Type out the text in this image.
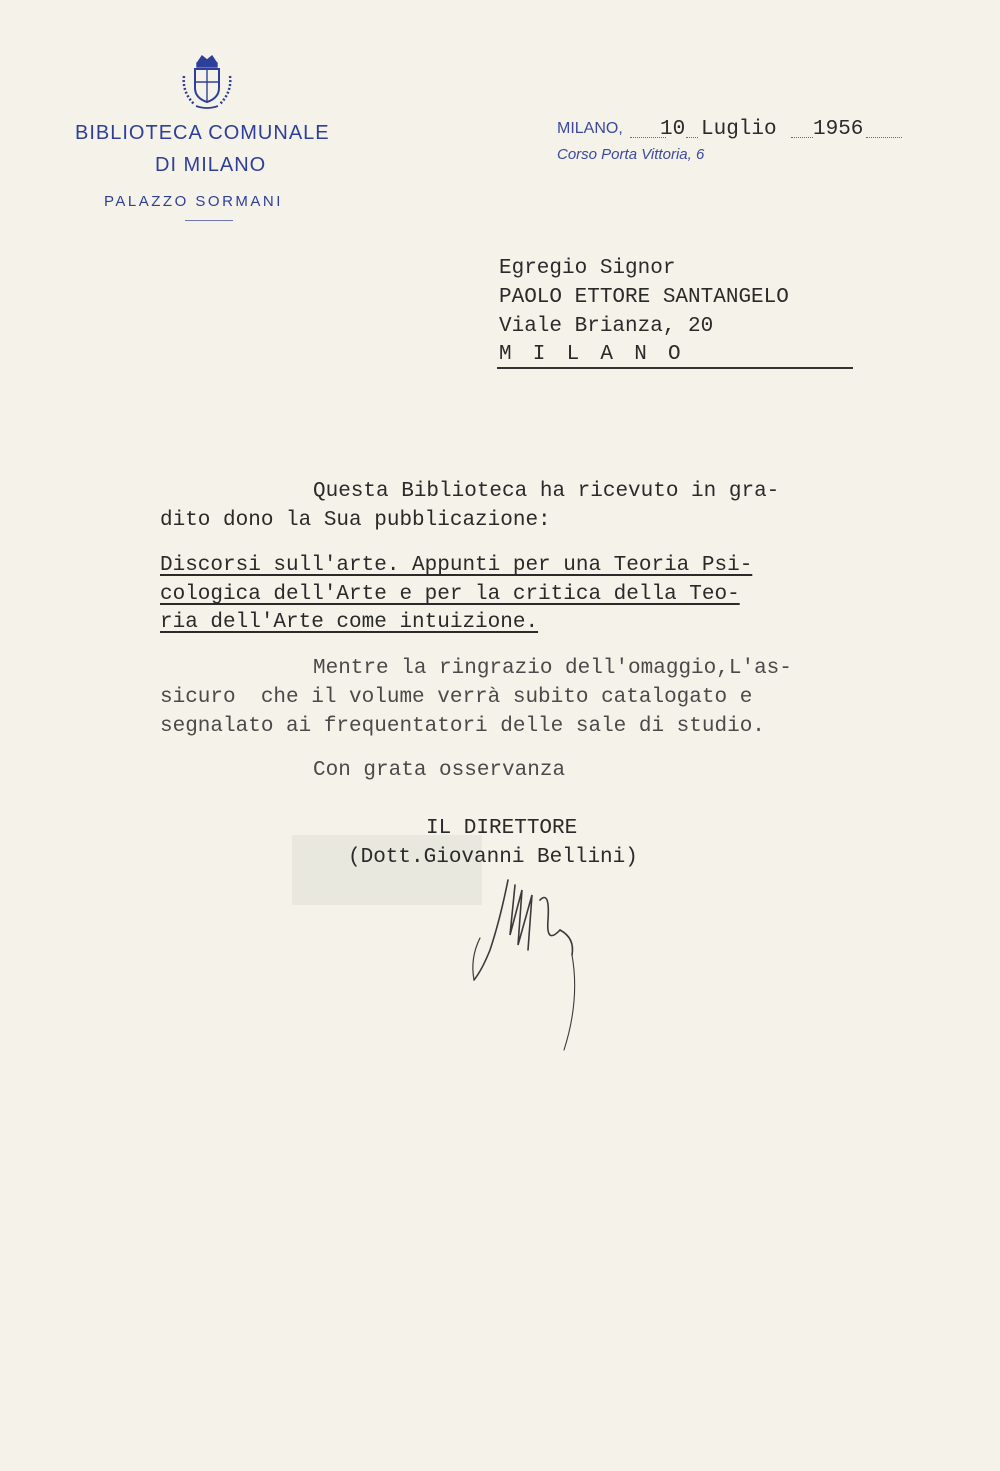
BIBLIOTECA COMUNALE
DI MILANO
PALAZZO SORMANI
MILANO, 10 Luglio 1956
Corso Porta Vittoria, 6
Egregio Signor
PAOLO ETTORE SANTANGELO
Viale Brianza, 20
M I L A N O
Questa Biblioteca ha ricevuto in gra-
dito dono la Sua pubblicazione:
Discorsi sull'arte. Appunti per una Teoria Psi-
cologica dell'Arte e per la critica della Teo-
ria dell'Arte come intuizione.
Mentre la ringrazio dell'omaggio,L'as-
sicuro  che il volume verrà subito catalogato e
segnalato ai frequentatori delle sale di studio.
Con grata osservanza
IL DIRETTORE
(Dott.Giovanni Bellini)
